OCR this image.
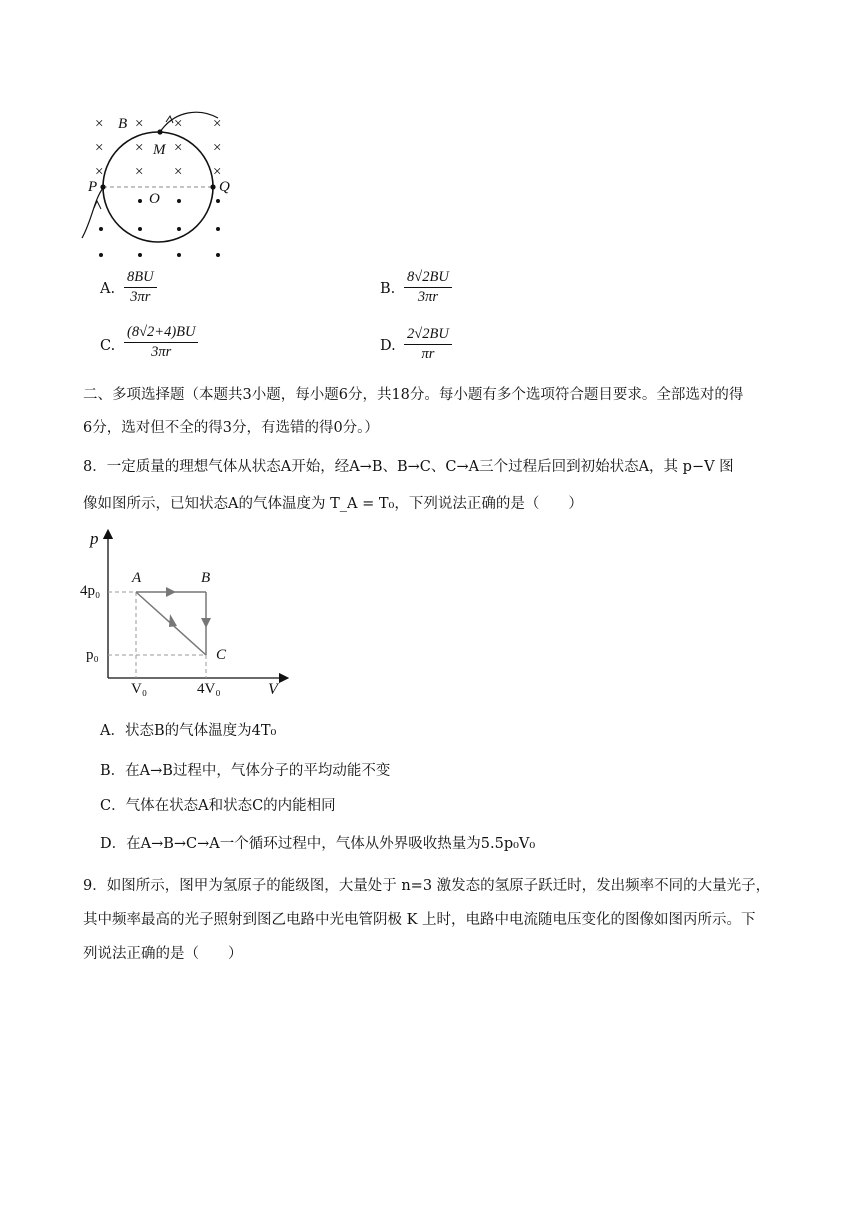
× × × ×
× × × ×
× × × ×
B
M
P	Q
O
A. $\frac{8BU}{3\pi r}$	B. $\frac{8√2BU}{3\pi r}$
C. $\frac{(8√2+4)BU}{3\pi r}$	D. $\frac{2√2BU}{\pi r}$
二、多项选择题（本题共3小题，每小题6分，共18分。每小题有多个选项符合题目要求。全部选对的得
6分，选对但不全的得3分，有选错的得0分。）
8．一定质量的理想气体从状态A开始，经A→B、B→C、C→A三个过程后回到初始状态A，其 p−V 图
像如图所示，已知状态A的气体温度为 T_A = T₀，下列说法正确的是（　　）
p
V
A	B
C
4p₀
p₀
V₀	4V₀
A．状态B的气体温度为4T₀
B．在A→B过程中，气体分子的平均动能不变
C．气体在状态A和状态C的内能相同
D．在A→B→C→A一个循环过程中，气体从外界吸收热量为5.5p₀V₀
9．如图所示，图甲为氢原子的能级图，大量处于 n=3 激发态的氢原子跃迁时，发出频率不同的大量光子，
其中频率最高的光子照射到图乙电路中光电管阴极 K 上时，电路中电流随电压变化的图像如图丙所示。下
列说法正确的是（　　）
